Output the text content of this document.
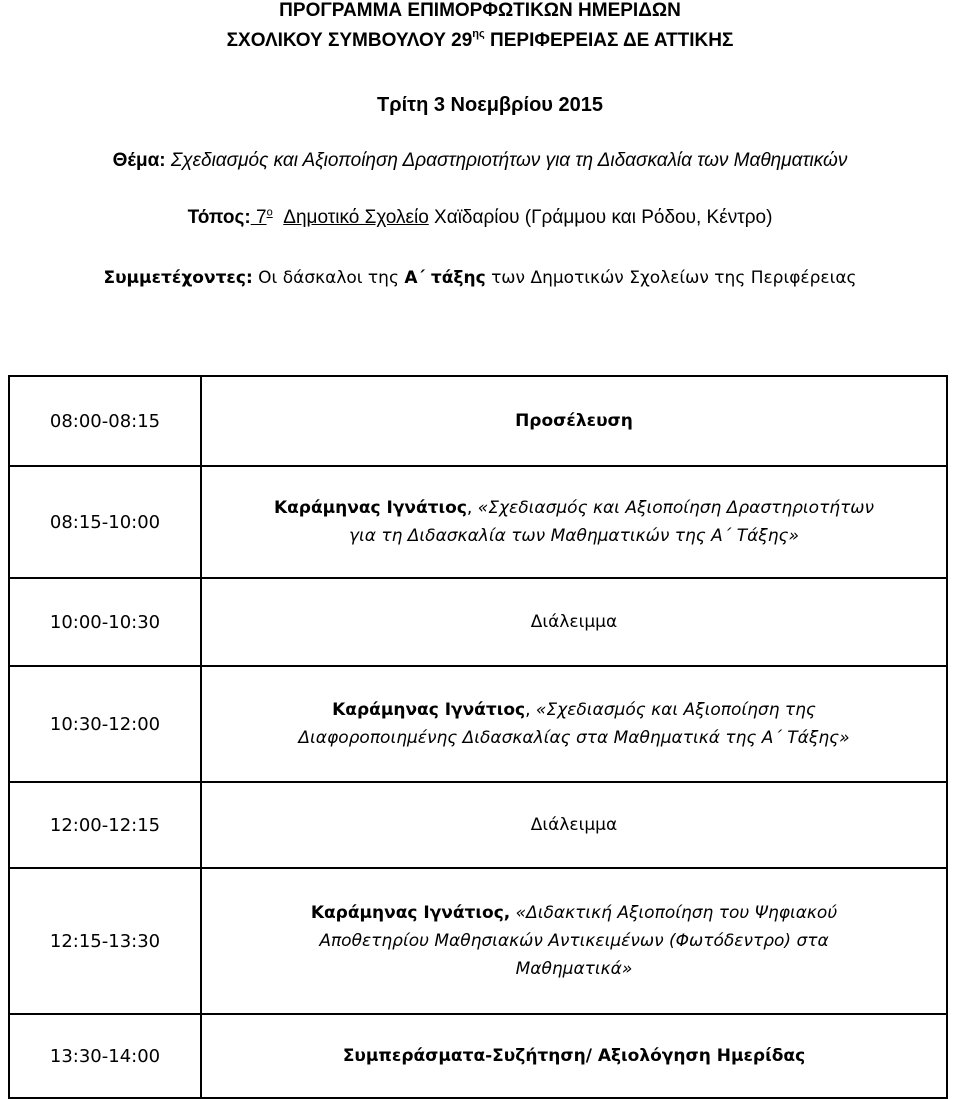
ΠΡΟΓΡΑΜΜΑ ΕΠΙΜΟΡΦΩΤΙΚΩΝ ΗΜΕΡΙΔΩΝ
ΣΧΟΛΙΚΟΥ ΣΥΜΒΟΥΛΟΥ $29^{\eta\varsigma}$ ΠΕΡΙΦΕΡΕΙΑΣ ΔΕ ΑΤΤΙΚΗΣ
Τρίτη 3 Νοεμβρίου 2015
Θέμα: Σχεδιασμός και Αξιοποίηση Δραστηριοτήτων για τη Διδασκαλία των Μαθηματικών
Τόπος: $7^o$ Δημοτικό Σχολείο Χαϊδαρίου (Γράμμου και Ρόδου, Κέντρο)
Συμμετέχοντες: Οι δάσκαλοι της Α΄ τάξης των Δημοτικών Σχολείων της Περιφέρειας
08:00-08:15	Προσέλευση
08:15-10:00	Καράμηνας Ιγνάτιος, «Σχεδιασμός και Αξιοποίηση Δραστηριοτήτων
για τη Διδασκαλία των Μαθηματικών της Α΄ Τάξης»
10:00-10:30	Διάλειμμα
10:30-12:00	Καράμηνας Ιγνάτιος, «Σχεδιασμός και Αξιοποίηση της
Διαφοροποιημένης Διδασκαλίας στα Μαθηματικά της Α΄ Τάξης»
12:00-12:15	Διάλειμμα
12:15-13:30	Καράμηνας Ιγνάτιος, «Διδακτική Αξιοποίηση του Ψηφιακού
Αποθετηρίου Μαθησιακών Αντικειμένων (Φωτόδεντρο) στα
Μαθηματικά»
13:30-14:00	Συμπεράσματα-Συζήτηση/ Αξιολόγηση Ημερίδας
